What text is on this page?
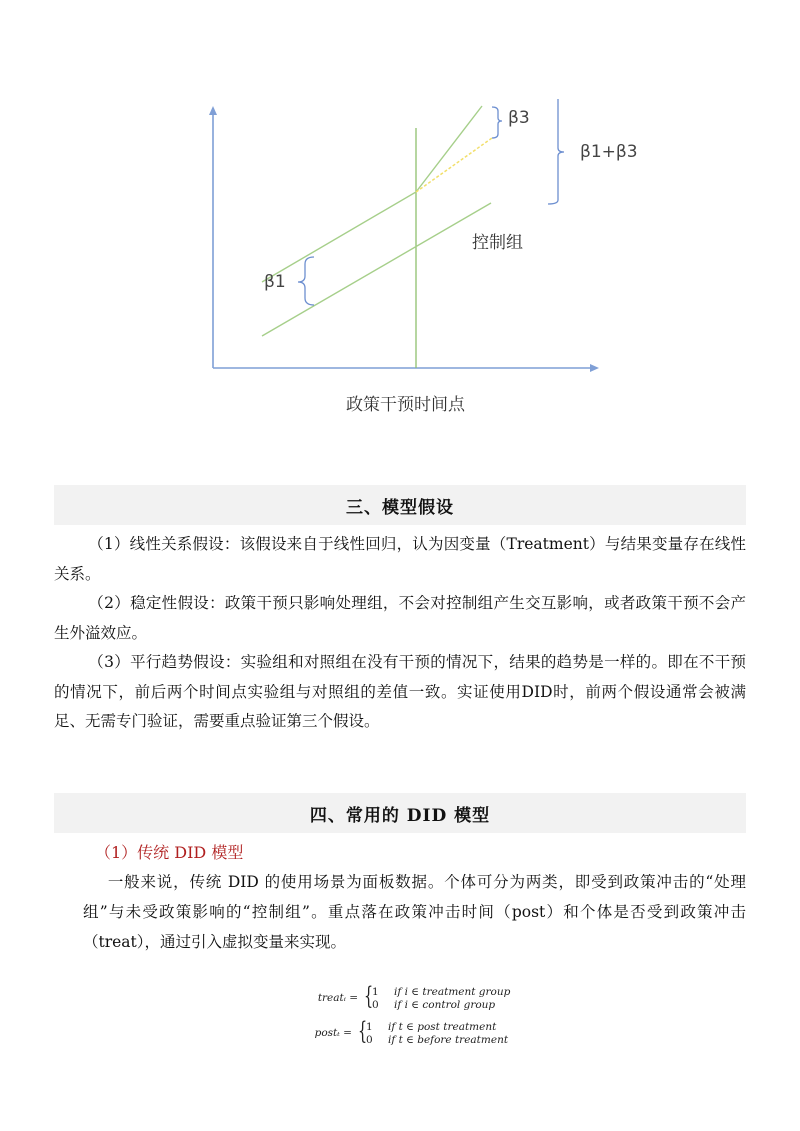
β3
β1+β3
控制组
β1
政策干预时间点
三、模型假设
（1）线性关系假设：该假设来自于线性回归，认为因变量（Treatment）与结果变量存在线性关系。
（2）稳定性假设：政策干预只影响处理组，不会对控制组产生交互影响，或者政策干预不会产生外溢效应。
（3）平行趋势假设：实验组和对照组在没有干预的情况下，结果的趋势是一样的。即在不干预的情况下，前后两个时间点实验组与对照组的差值一致。实证使用DID时，前两个假设通常会被满足、无需专门验证，需要重点验证第三个假设。
四、常用的 DID 模型
（1）传统 DID 模型
一般来说，传统 DID 的使用场景为面板数据。个体可分为两类，即受到政策冲击的“处理组”与未受政策影响的“控制组”。重点落在政策冲击时间（post）和个体是否受到政策冲击（treat），通过引入虚拟变量来实现。
treatᵢ = {
1 if i ∈ treatment group
0 if i ∈ control group
postₜ = {
1 if t ∈ post treatment
0 if t ∈ before treatment
